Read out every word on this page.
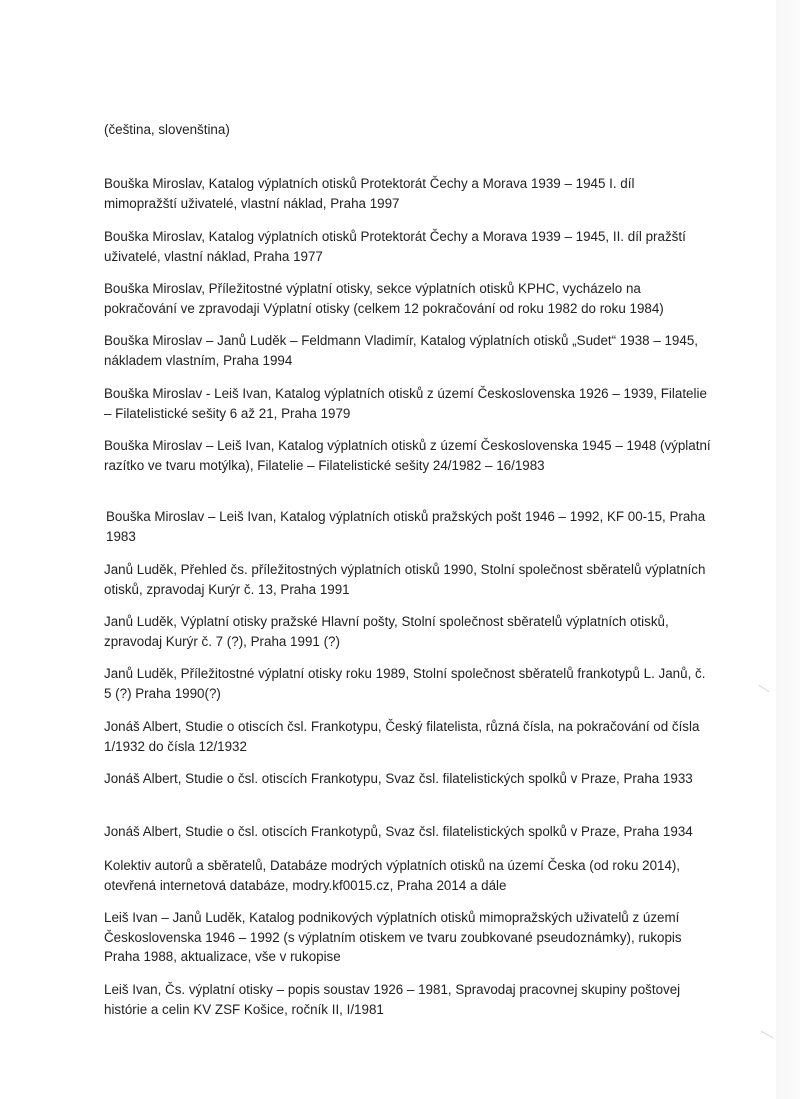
(čeština, slovenština)

Bouška Miroslav, Katalog výplatních otisků Protektorát Čechy a Morava 1939 – 1945 I. díl
mimopražští uživatelé, vlastní náklad, Praha 1997

Bouška Miroslav, Katalog výplatních otisků Protektorát Čechy a Morava 1939 – 1945, II. díl pražští
uživatelé, vlastní náklad, Praha 1977

Bouška Miroslav, Příležitostné výplatní otisky, sekce výplatních otisků KPHC, vycházelo na
pokračování ve zpravodaji Výplatní otisky (celkem 12 pokračování od roku 1982 do roku 1984)

Bouška Miroslav – Janů Luděk – Feldmann Vladimír, Katalog výplatních otisků „Sudet“ 1938 – 1945,
nákladem vlastním, Praha 1994

Bouška Miroslav - Leiš Ivan, Katalog výplatních otisků z území Československa 1926 – 1939, Filatelie
– Filatelistické sešity 6 až 21, Praha 1979

Bouška Miroslav – Leiš Ivan, Katalog výplatních otisků z území Československa 1945 – 1948 (výplatní
razítko ve tvaru motýlka), Filatelie – Filatelistické sešity 24/1982 – 16/1983

Bouška Miroslav – Leiš Ivan, Katalog výplatních otisků pražských pošt 1946 – 1992, KF 00-15, Praha
1983

Janů Luděk, Přehled čs. příležitostných výplatních otisků 1990, Stolní společnost sběratelů výplatních
otisků, zpravodaj Kurýr č. 13, Praha 1991

Janů Luděk, Výplatní otisky pražské Hlavní pošty, Stolní společnost sběratelů výplatních otisků,
zpravodaj Kurýr č. 7 (?), Praha 1991 (?)

Janů Luděk, Příležitostné výplatní otisky roku 1989, Stolní společnost sběratelů frankotypů L. Janů, č.
5 (?) Praha 1990(?)

Jonáš Albert, Studie o otiscích čsl. Frankotypu, Český filatelista, různá čísla, na pokračování od čísla
1/1932 do čísla 12/1932

Jonáš Albert, Studie o čsl. otiscích Frankotypu, Svaz čsl. filatelistických spolků v Praze, Praha 1933

Jonáš Albert, Studie o čsl. otiscích Frankotypů, Svaz čsl. filatelistických spolků v Praze, Praha 1934

Kolektiv autorů a sběratelů, Databáze modrých výplatních otisků na území Česka (od roku 2014),
otevřená internetová databáze, modry.kf0015.cz, Praha 2014 a dále

Leiš Ivan – Janů Luděk, Katalog podnikových výplatních otisků mimopražských uživatelů z území
Československa 1946 – 1992 (s výplatním otiskem ve tvaru zoubkované pseudoznámky), rukopis
Praha 1988, aktualizace, vše v rukopise

Leiš Ivan, Čs. výplatní otisky – popis soustav 1926 – 1981, Spravodaj pracovnej skupiny poštovej
histórie a celin KV ZSF Košice, ročník II, I/1981
